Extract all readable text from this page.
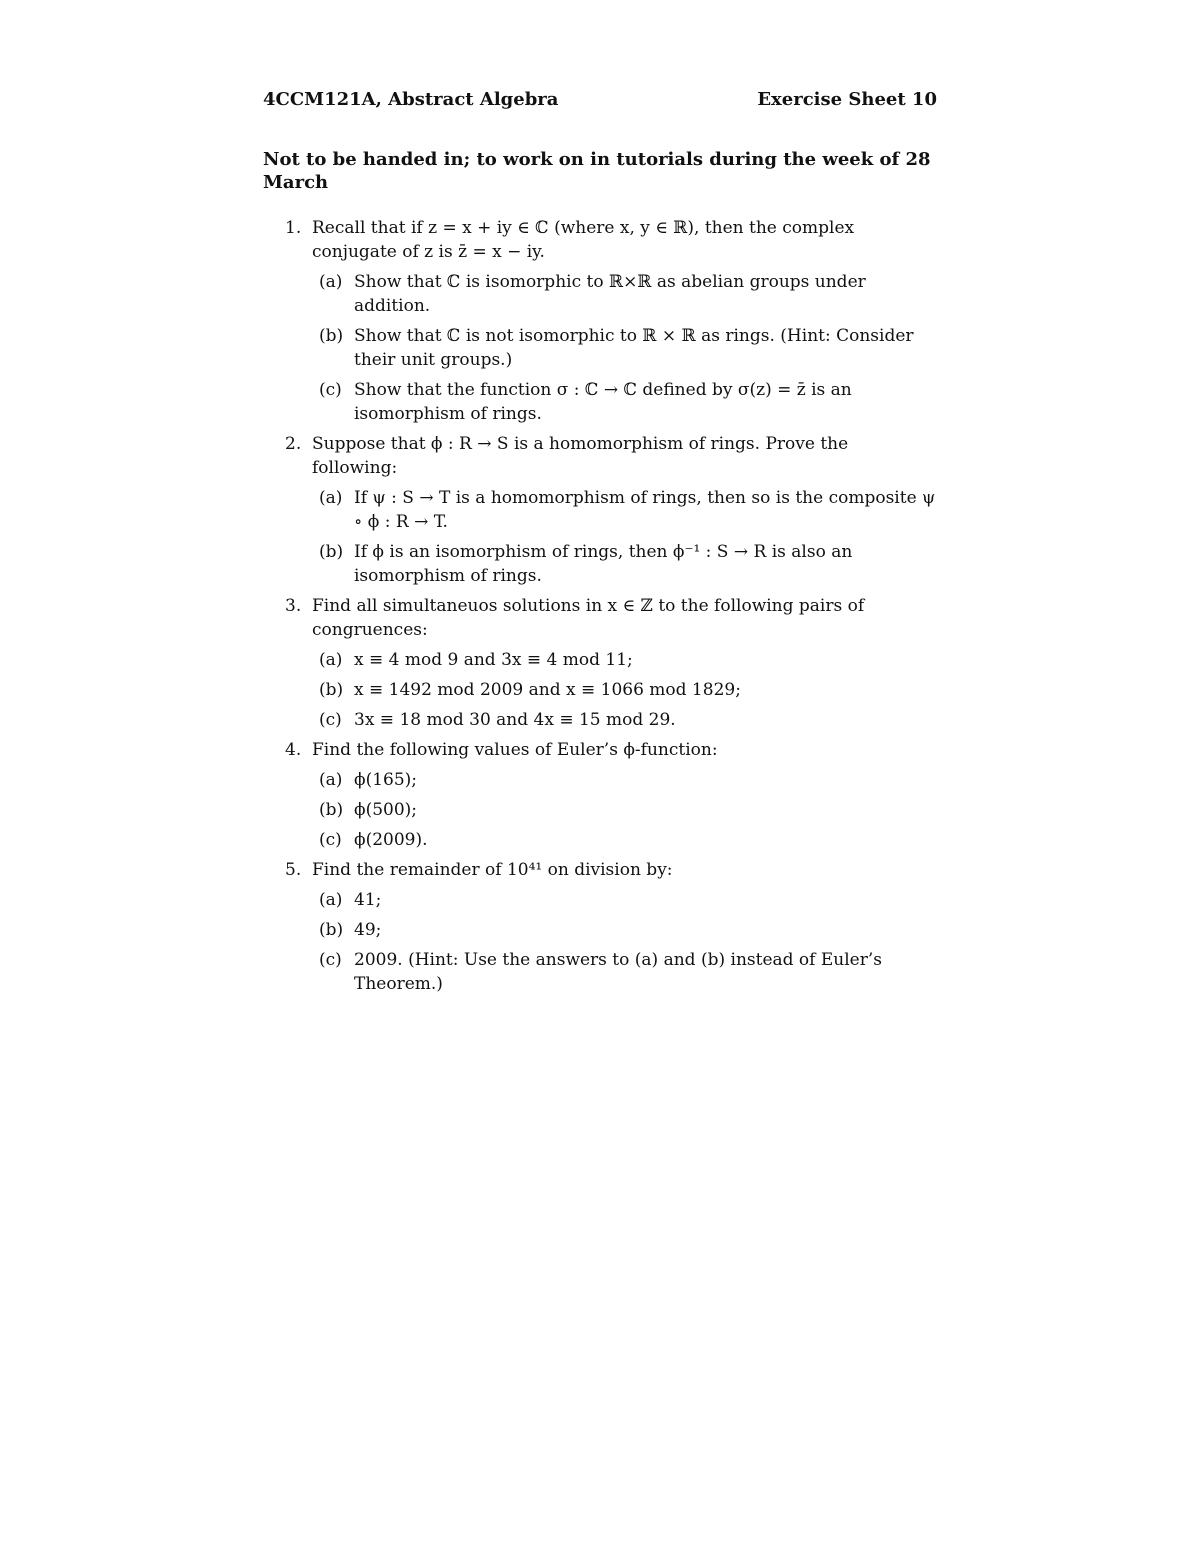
4CCM121A, Abstract Algebra	Exercise Sheet 10
Not to be handed in; to work on in tutorials during the week of 28 March
1. Recall that if z = x + iy ∈ ℂ (where x, y ∈ ℝ), then the complex conjugate of z is z̄ = x − iy.
(a) Show that ℂ is isomorphic to ℝ×ℝ as abelian groups under addition.
(b) Show that ℂ is not isomorphic to ℝ × ℝ as rings. (Hint: Consider their unit groups.)
(c) Show that the function σ : ℂ → ℂ defined by σ(z) = z̄ is an isomorphism of rings.
2. Suppose that ϕ : R → S is a homomorphism of rings. Prove the following:
(a) If ψ : S → T is a homomorphism of rings, then so is the composite ψ ∘ ϕ : R → T.
(b) If ϕ is an isomorphism of rings, then ϕ⁻¹ : S → R is also an isomorphism of rings.
3. Find all simultaneuos solutions in x ∈ ℤ to the following pairs of congruences:
(a) x ≡ 4 mod 9 and 3x ≡ 4 mod 11;
(b) x ≡ 1492 mod 2009 and x ≡ 1066 mod 1829;
(c) 3x ≡ 18 mod 30 and 4x ≡ 15 mod 29.
4. Find the following values of Euler’s ϕ-function:
(a) ϕ(165);
(b) ϕ(500);
(c) ϕ(2009).
5. Find the remainder of 10⁴¹ on division by:
(a) 41;
(b) 49;
(c) 2009. (Hint: Use the answers to (a) and (b) instead of Euler’s Theorem.)
